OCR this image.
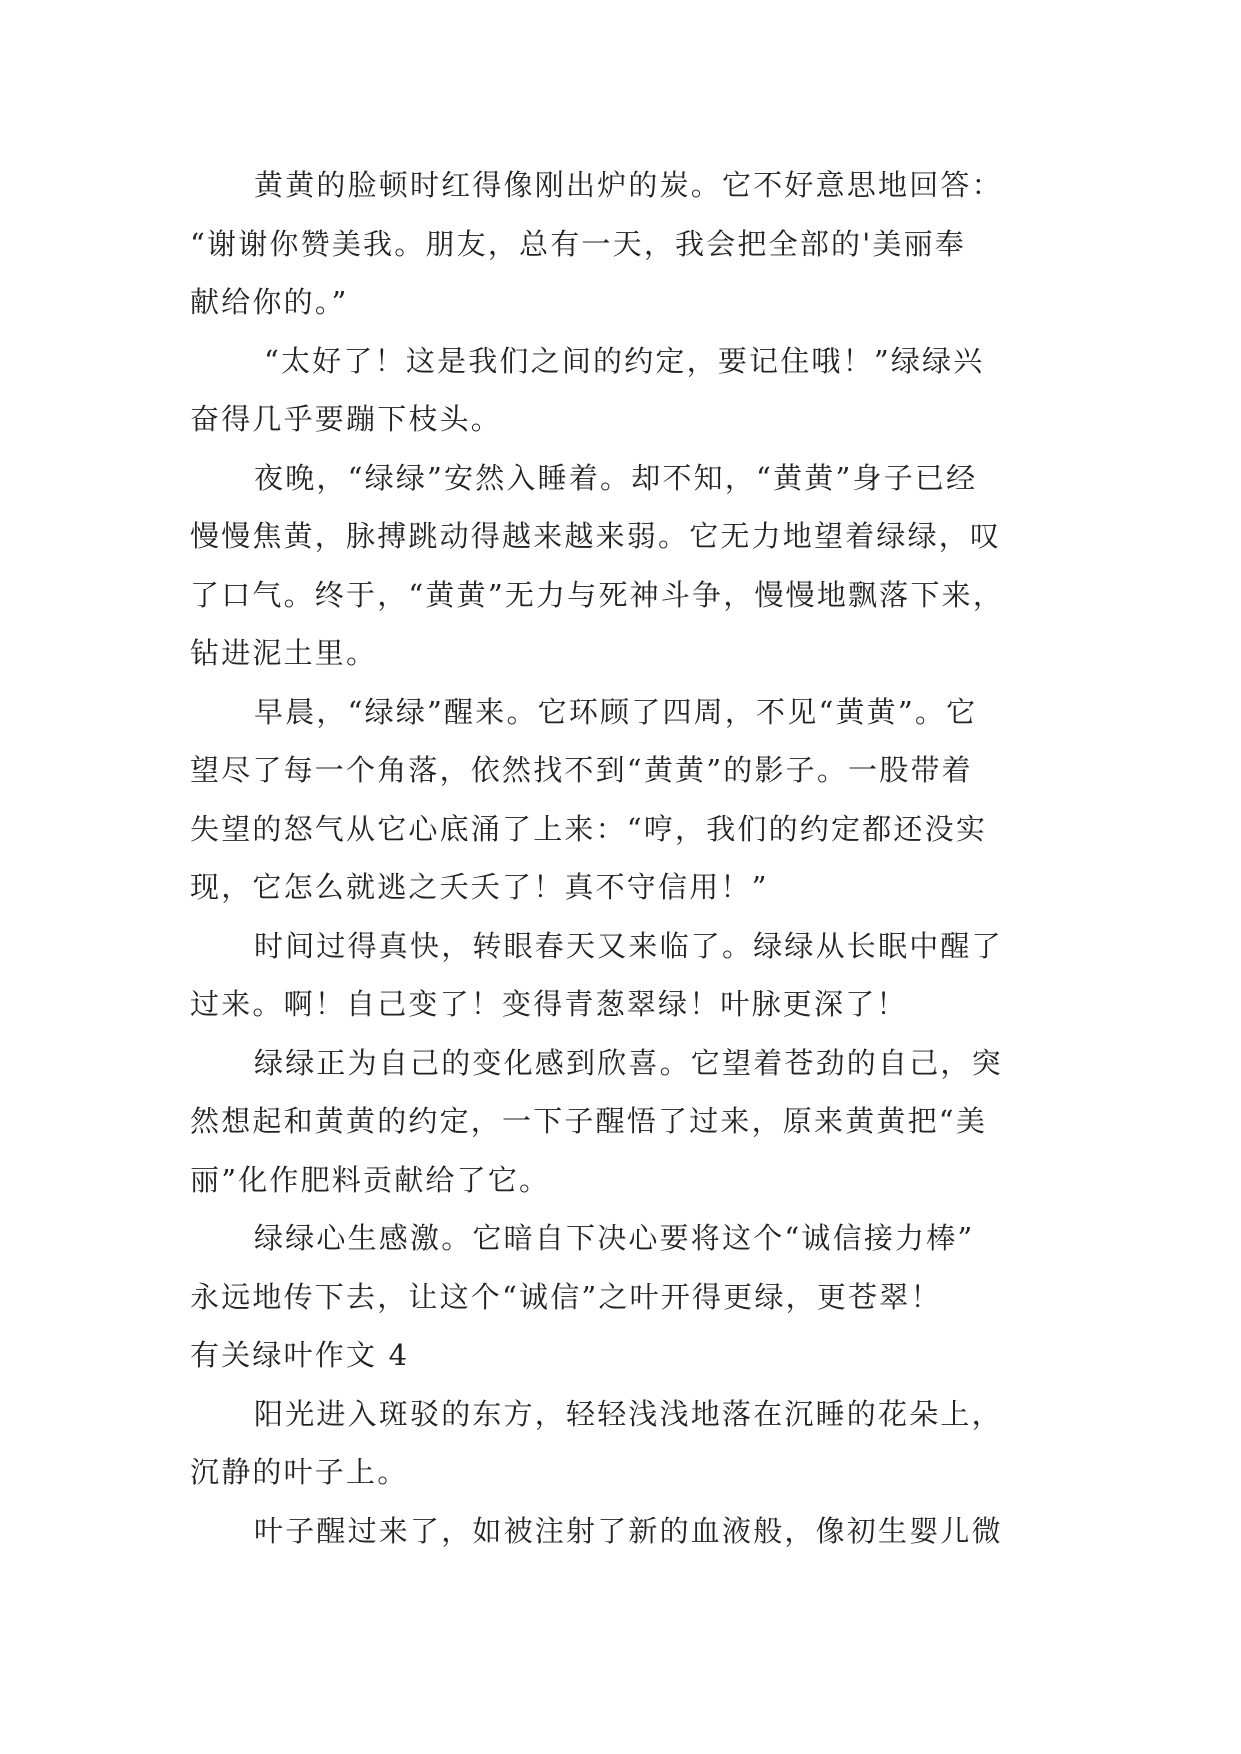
黄黄的脸顿时红得像刚出炉的炭。它不好意思地回答：
“谢谢你赞美我。朋友，总有一天，我会把全部的'美丽奉
献给你的。”

“太好了！这是我们之间的约定，要记住哦！”绿绿兴
奋得几乎要蹦下枝头。

夜晚，“绿绿”安然入睡着。却不知，“黄黄”身子已经
慢慢焦黄，脉搏跳动得越来越来弱。它无力地望着绿绿，叹
了口气。终于，“黄黄”无力与死神斗争，慢慢地飘落下来，
钻进泥土里。

早晨，“绿绿”醒来。它环顾了四周，不见“黄黄”。它
望尽了每一个角落，依然找不到“黄黄”的影子。一股带着
失望的怒气从它心底涌了上来：“哼，我们的约定都还没实
现，它怎么就逃之夭夭了！真不守信用！”

时间过得真快，转眼春天又来临了。绿绿从长眠中醒了
过来。啊！自己变了！变得青葱翠绿！叶脉更深了！

绿绿正为自己的变化感到欣喜。它望着苍劲的自己，突
然想起和黄黄的约定，一下子醒悟了过来，原来黄黄把“美
丽”化作肥料贡献给了它。

绿绿心生感激。它暗自下决心要将这个“诚信接力棒”
永远地传下去，让这个“诚信”之叶开得更绿，更苍翠！

有关绿叶作文 4

阳光进入斑驳的东方，轻轻浅浅地落在沉睡的花朵上，
沉静的叶子上。

叶子醒过来了，如被注射了新的血液般，像初生婴儿微
